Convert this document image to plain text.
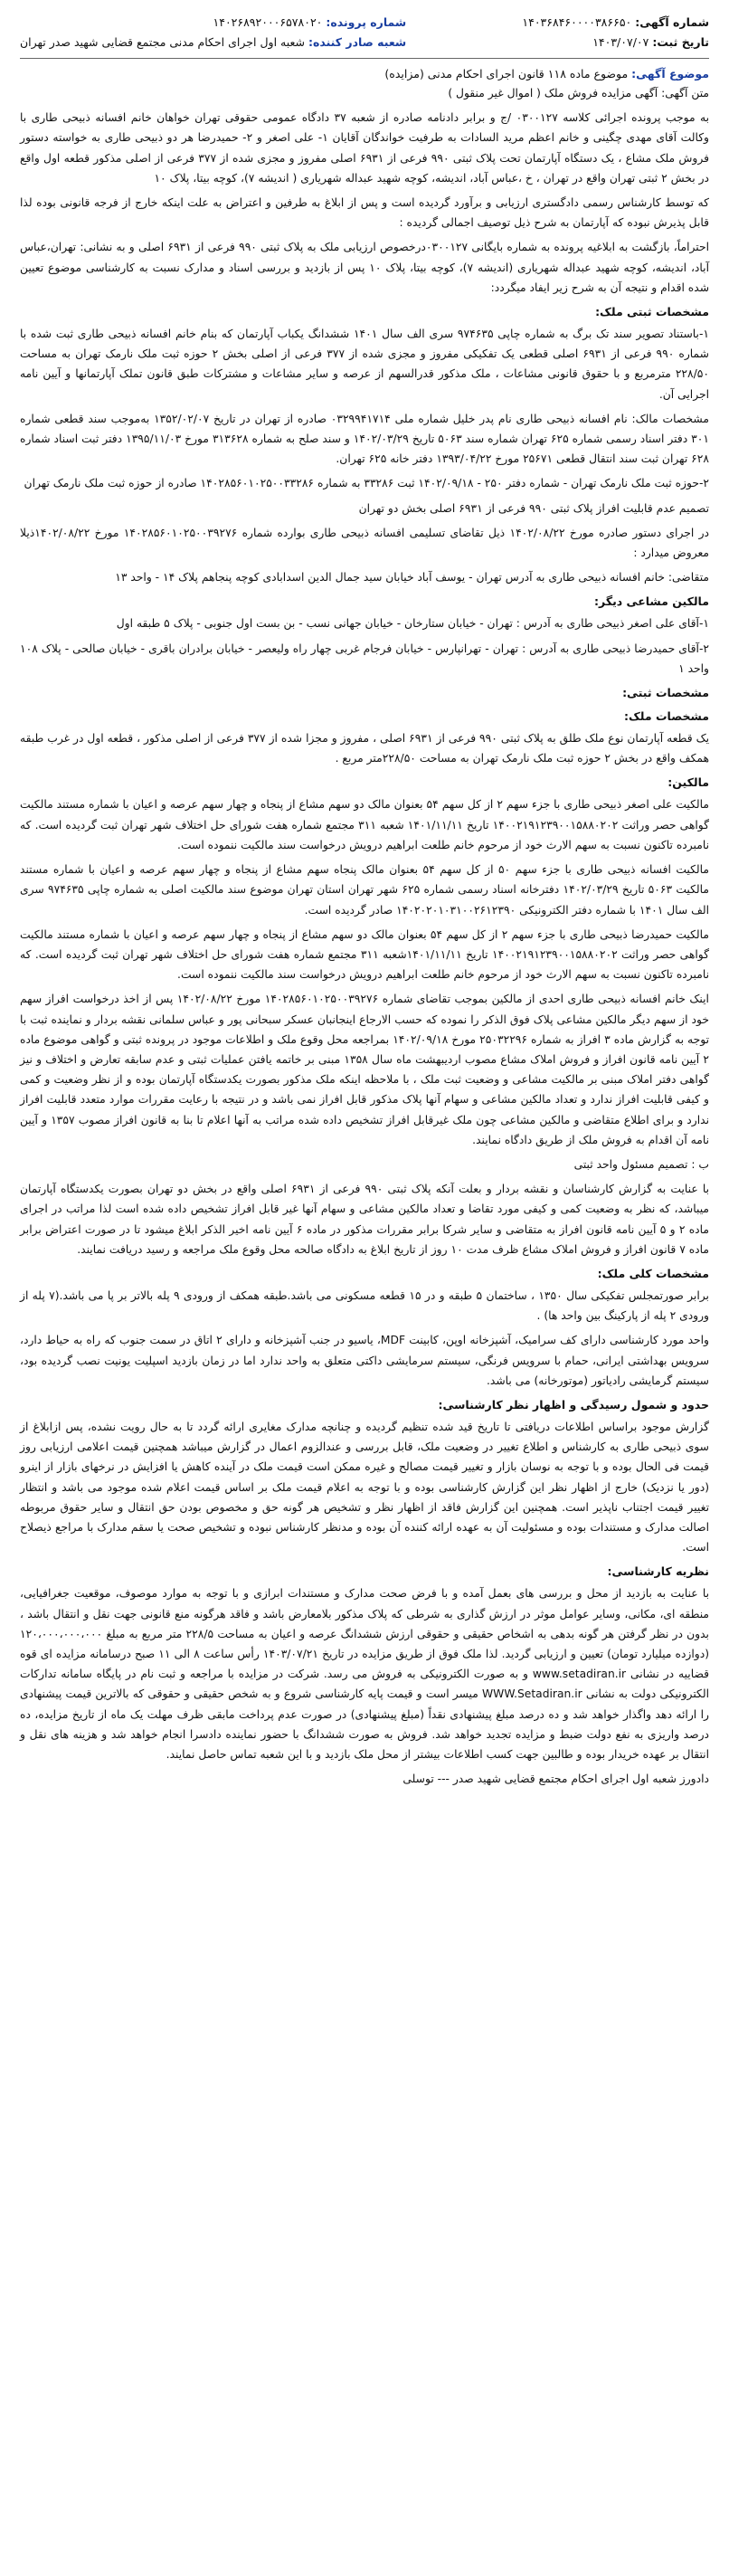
شماره آگهی: ۱۴۰۳۶۸۴۶۰۰۰۰۳۸۶۶۵۰
تاریخ ثبت: ۱۴۰۳/۰۷/۰۷
شماره پرونده: ۱۴۰۲۶۸۹۲۰۰۰۶۵۷۸۰۲۰
شعبه صادر کننده: شعبه اول اجرای احکام مدنی مجتمع قضایی شهید صدر تهران
موضوع آگهی: موضوع ماده ۱۱۸ قانون اجرای احکام مدنی (مزایده)

متن آگهی: آگهی مزایده فروش ملک ( اموال غیر منقول )

به موجب پرونده اجرائی کلاسه ۰۳۰۰۱۲۷ /ج و برابر دادنامه صادره از شعبه ۳۷ دادگاه عمومی حقوقی تهران خواهان خانم افسانه ذبیحی طاری با وکالت آقای مهدی چگینی و خانم اعظم مرید السادات به طرفیت خواندگان آقایان ۱- علی اصغر و ۲- حمیدرضا هر دو ذبیحی طاری به خواسته دستور فروش ملک مشاع ، یک دستگاه آپارتمان تحت پلاک ثبتی ۹۹۰ فرعی از ۶۹۳۱ اصلی مفروز و مجزی شده از ۳۷۷ فرعی از اصلی مذکور قطعه اول واقع در بخش ۲ ثبتی تهران واقع در تهران ، خ ،عباس آباد، اندیشه، کوچه شهید عبداله شهریاری ( اندیشه ۷)، کوچه بیتا، پلاک ۱۰

که توسط کارشناس رسمی دادگستری ارزیابی و برآورد گردیده است و پس از ابلاغ به طرفین و اعتراض به علت اینکه خارج از فرجه قانونی بوده لذا قابل پذیرش نبوده که آپارتمان به شرح ذیل توصیف اجمالی گردیده :

احتراماً، بازگشت به ابلاغیه پرونده به شماره بایگانی ۰۳۰۰۱۲۷درخصوص ارزیابی ملک به پلاک ثبتی ۹۹۰ فرعی از ۶۹۳۱ اصلی و به نشانی: تهران،عباس آباد، اندیشه، کوچه شهید عبداله شهریاری (اندیشه ۷)، کوچه بیتا، پلاک ۱۰ پس از بازدید و بررسی اسناد و مدارک نسبت به کارشناسی موضوع تعیین شده اقدام و نتیجه آن به شرح زیر ایفاد میگردد:

مشخصات ثبتی ملک:

۱-باستناد تصویر سند تک برگ به شماره چاپی ۹۷۴۶۳۵ سری الف سال ۱۴۰۱ ششدانگ یکباب آپارتمان که بنام خانم افسانه ذبیحی طاری ثبت شده با شماره ۹۹۰ فرعی از ۶۹۳۱ اصلی قطعی یک تفکیکی مفروز و مجزی شده از ۳۷۷ فرعی از اصلی بخش ۲ حوزه ثبت ملک نارمک تهران به مساحت ۲۲۸/۵۰ مترمربع و با حقوق قانونی مشاعات ، ملک مذکور قدرالسهم از عرصه و سایر مشاعات و مشترکات طبق قانون تملک آپارتمانها و آیین نامه اجرایی آن.

مشخصات مالک: نام افسانه ذبیحی طاری نام پدر خلیل شماره ملی ۰۳۲۹۹۴۱۷۱۴ صادره از تهران در تاریخ ۱۳۵۲/۰۲/۰۷ به‌موجب سند قطعی شماره ۳۰۱ دفتر اسناد رسمی شماره ۶۲۵ تهران شماره سند ۵۰۶۳ تاریخ ۱۴۰۲/۰۳/۲۹ و سند صلح به شماره ۳۱۳۶۲۸ مورخ ۱۳۹۵/۱۱/۰۳ دفتر ثبت اسناد شماره ۶۲۸ تهران ثبت سند انتقال قطعی ۲۵۶۷۱ مورخ ۱۳۹۳/۰۴/۲۲ دفتر خانه ۶۲۵ تهران.

۲-حوزه ثبت ملک نارمک تهران - شماره دفتر ۲۵۰ - ۱۴۰۲/۰۹/۱۸ ثبت ۳۳۲۸۶ به شماره ۱۴۰۲۸۵۶۰۱۰۲۵۰۰۳۳۲۸۶ صادره از حوزه ثبت ملک نارمک تهران

تصمیم عدم قابلیت افراز پلاک ثبتی ۹۹۰ فرعی از ۶۹۳۱ اصلی بخش دو تهران

در اجرای دستور صادره مورخ ۱۴۰۲/۰۸/۲۲ ذیل تقاضای تسلیمی افسانه ذبیحی طاری بوارده شماره ۱۴۰۲۸۵۶۰۱۰۲۵۰۰۳۹۲۷۶ مورخ ۱۴۰۲/۰۸/۲۲ذیلا معروض میدارد :

متقاضی: خانم افسانه ذبیحی طاری به آدرس تهران - یوسف آباد خیابان سید جمال الدین اسدابادی کوچه پنجاهم پلاک ۱۴ - واحد ۱۳

مالکین مشاعی دیگر:

۱-آقای علی اصغر ذبیحی طاری به آدرس : تهران - خیابان ستارخان - خیابان جهانی نسب - بن بست اول جنوبی - پلاک ۵ طبقه اول

۲-آقای حمیدرضا ذبیحی طاری به آدرس : تهران - تهرانپارس - خیابان فرجام غربی چهار راه ولیعصر - خیابان برادران باقری - خیابان صالحی - پلاک ۱۰۸ واحد ۱

مشخصات ثبتی:
مشخصات ملک:

یک قطعه آپارتمان نوع ملک طلق به پلاک ثبتی ۹۹۰ فرعی از ۶۹۳۱ اصلی ، مفروز و مجزا شده از ۳۷۷ فرعی از اصلی مذکور ، قطعه اول در غرب طبقه همکف واقع در بخش ۲ حوزه ثبت ملک نارمک تهران به مساحت ۲۲۸/۵۰متر مربع .

مالکین:

مالکیت علی اصغر ذبیحی طاری با جزء سهم ۲ از کل سهم ۵۴ بعنوان مالک دو سهم مشاع از پنجاه و چهار سهم عرصه و اعیان با شماره مستند مالکیت گواهی حصر وراثت ۱۴۰۰۲۱۹۱۲۳۹۰۰۱۵۸۸۰۲۰۲ تاریخ ۱۴۰۱/۱۱/۱۱ شعبه ۳۱۱ مجتمع شماره هفت شورای حل اختلاف شهر تهران ثبت گردیده است. که نامبرده تاکنون نسبت به سهم الارث خود از مرحوم خانم طلعت ابراهیم درویش درخواست سند مالکیت ننموده است.

مالکیت افسانه ذبیحی طاری با جزء سهم ۵۰ از کل سهم ۵۴ بعنوان مالک پنجاه سهم مشاع از پنجاه و چهار سهم عرصه و اعیان با شماره مستند مالکیت ۵۰۶۳ تاریخ ۱۴۰۲/۰۳/۲۹ دفترخانه اسناد رسمی شماره ۶۲۵ شهر تهران استان تهران موضوع سند مالکیت اصلی به شماره چاپی ۹۷۴۶۳۵ سری الف سال ۱۴۰۱ با شماره دفتر الکترونیکی ۱۴۰۲۰۲۰۱۰۳۱۰۰۲۶۱۲۳۹۰ صادر گردیده است.

مالکیت حمیدرضا ذبیحی طاری با جزء سهم ۲ از کل سهم ۵۴ بعنوان مالک دو سهم مشاع از پنجاه و چهار سهم عرصه و اعیان با شماره مستند مالکیت گواهی حصر وراثت ۱۴۰۰۲۱۹۱۲۳۹۰۰۱۵۸۸۰۲۰۲ تاریخ ۱۴۰۱/۱۱/۱۱شعبه ۳۱۱ مجتمع شماره هفت شورای حل اختلاف شهر تهران ثبت گردیده است. که نامبرده تاکنون نسبت به سهم الارث خود از مرحوم خانم طلعت ابراهیم درویش درخواست سند مالکیت ننموده است.

اینک خانم افسانه ذبیحی طاری احدی از مالکین بموجب تقاضای شماره ۱۴۰۲۸۵۶۰۱۰۲۵۰۰۳۹۲۷۶ مورخ ۱۴۰۲/۰۸/۲۲ پس از اخذ درخواست افراز سهم خود از سهم دیگر مالکین مشاعی پلاک فوق الذکر را نموده که حسب الارجاع اینجانبان عسکر سبحانی پور و عباس سلمانی نقشه بردار و نماینده ثبت با توجه به گزارش ماده ۳ افراز به شماره ۲۵۰۳۲۲۹۶ مورخ ۱۴۰۲/۰۹/۱۸ بمراجعه محل وقوع ملک و اطلاعات موجود در پرونده ثبتی و گواهی موضوع ماده ۲ آیین نامه قانون افراز و فروش املاک مشاع مصوب اردیبهشت ماه سال ۱۳۵۸ مبنی بر خاتمه یافتن عملیات ثبتی و عدم سابقه تعارض و اختلاف و نیز گواهی دفتر املاک مبنی بر مالکیت مشاعی و وضعیت ثبت ملک ، با ملاحظه اینکه ملک مذکور بصورت یکدستگاه آپارتمان بوده و از نظر وضعیت و کمی و کیفی قابلیت افراز ندارد و تعداد مالکین مشاعی و سهام آنها پلاک مذکور قابل افراز نمی باشد و در نتیجه با رعایت مقررات موارد متعدد قابلیت افراز ندارد و برای اطلاع متقاضی و مالکین مشاعی چون ملک غیرقابل افراز تشخیص داده شده مراتب به آنها اعلام تا بنا به قانون افراز مصوب ۱۳۵۷ و آیین نامه آن اقدام به فروش ملک از طریق دادگاه نمایند.

ب : تصمیم مسئول واحد ثبتی

با عنایت به گزارش کارشناسان و نقشه بردار و بعلت آنکه پلاک ثبتی ۹۹۰ فرعی از ۶۹۳۱ اصلی واقع در بخش دو تهران بصورت یکدستگاه آپارتمان میباشد، که نظر به وضعیت کمی و کیفی مورد تقاضا و تعداد مالکین مشاعی و سهام آنها غیر قابل افراز تشخیص داده شده است لذا مراتب در اجرای ماده ۲ و ۵ آیین نامه قانون افراز به متقاضی و سایر شرکا برابر مقررات مذکور در ماده ۶ آیین نامه اخیر الذکر ابلاغ میشود تا در صورت اعتراض برابر ماده ۷ قانون افراز و فروش املاک مشاع ظرف مدت ۱۰ روز از تاریخ ابلاغ به دادگاه صالحه محل وقوع ملک مراجعه و رسید دریافت نمایند.

مشخصات کلی ملک:

برابر صورتمجلس تفکیکی سال ۱۳۵۰ ، ساختمان ۵ طبقه و در ۱۵ قطعه مسکونی می باشد.طبقه همکف از ورودی ۹ پله بالاتر بر پا می باشد.(۷ پله از ورودی ۲ پله از پارکینگ بین واحد ها) .

واحد مورد کارشناسی دارای کف سرامیک، آشپزخانه اوپن، کابینت MDF، یاسیو در جنب آشپزخانه و دارای ۲ اتاق در سمت جنوب که راه به حیاط دارد، سرویس بهداشتی ایرانی، حمام با سرویس فرنگی، سیستم سرمایشی داکتی متعلق به واحد ندارد اما در زمان بازدید اسپلیت یونیت نصب گردیده بود، سیستم گرمایشی رادیاتور (موتورخانه) می باشد.

حدود و شمول رسیدگی و اظهار نظر کارشناسی:

گزارش موجود براساس اطلاعات دریافتی تا تاریخ قید شده تنظیم گردیده و چنانچه مدارک مغایری ارائه گردد تا به حال رویت نشده، پس ازابلاغ از سوی ذبیحی طاری به کارشناس و اطلاع تغییر در وضعیت ملک، قابل بررسی و عندالزوم اعمال در گزارش میباشد همچنین قیمت اعلامی ارزیابی روز قیمت فی الحال بوده و با توجه به نوسان بازار و تغییر قیمت مصالح و غیره ممکن است قیمت ملک در آینده کاهش یا افزایش در نرخهای بازار از اینرو (دور یا نزدیک) خارج از اظهار نظر این گزارش کارشناسی بوده و با توجه به اعلام قیمت ملک بر اساس قیمت اعلام شده موجود می باشد و انتظار تغییر قیمت اجتناب ناپذیر است. همچنین این گزارش فاقد از اظهار نظر و تشخیص هر گونه حق و مخصوص بودن حق انتقال و سایر حقوق مربوطه اصالت مدارک و مستندات بوده و مسئولیت آن به عهده ارائه کننده آن بوده و مدنظر کارشناس نبوده و تشخیص صحت یا سقم مدارک با مراجع ذیصلاح است.

نظریه کارشناسی:

با عنایت به بازدید از محل و بررسی های بعمل آمده و با فرض صحت مدارک و مستندات ابرازی و با توجه به موارد موصوف، موقعیت جغرافیایی، منطقه ای، مکانی، وسایر عوامل موثر در ارزش گذاری به شرطی که پلاک مذکور بلامعارض باشد و فاقد هرگونه منع قانونی جهت نقل و انتقال باشد ، بدون در نظر گرفتن هر گونه بدهی به اشخاص حقیقی و حقوقی ارزش ششدانگ عرصه و اعیان به مساحت ۲۲۸/۵ متر مربع به مبلغ ۱۲۰،۰۰۰،۰۰۰،۰۰۰ (دوازده میلیارد تومان) تعیین و ارزیابی گردید. لذا ملک فوق از طریق مزایده در تاریخ ۱۴۰۳/۰۷/۲۱ رأس ساعت ۸ الی ۱۱ صبح درسامانه مزایده ای قوه قضاییه در نشانی www.setadiran.ir و به صورت الکترونیکی به فروش می رسد. شرکت در مزایده با مراجعه و ثبت نام در پایگاه سامانه تدارکات الکترونیکی دولت به نشانی WWW.Setadiran.ir میسر است و قیمت پایه کارشناسی شروع و به شخص حقیقی و حقوقی که بالاترین قیمت پیشنهادی را ارائه دهد واگذار خواهد شد و ده درصد مبلغ پیشنهادی نقداً (مبلغ پیشنهادی) در صورت عدم پرداخت مابقی ظرف مهلت یک ماه از تاریخ مزایده، ده درصد واریزی به نفع دولت ضبط و مزایده تجدید خواهد شد. فروش به صورت ششدانگ با حضور نماینده دادسرا انجام خواهد شد و هزینه های نقل و انتقال بر عهده خریدار بوده و طالبین جهت کسب اطلاعات بیشتر از محل ملک بازدید و با این شعبه تماس حاصل نمایند.

دادورز شعبه اول اجرای احکام مجتمع قضایی شهید صدر --- توسلی
